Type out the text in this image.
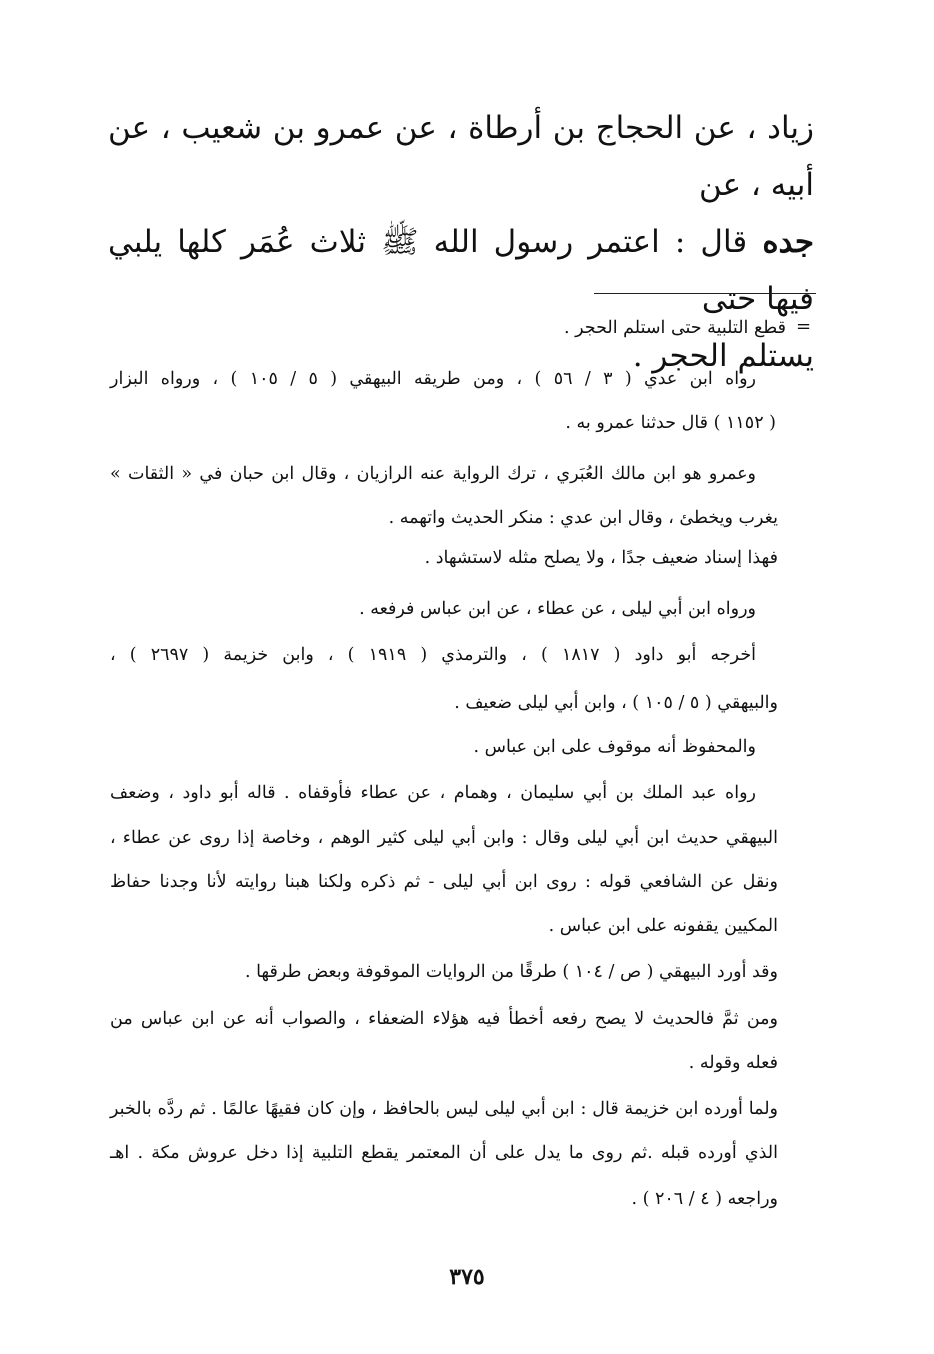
زياد ، عن الحجاج بن أرطاة ، عن عمرو بن شعيب ، عن أبيه ، عن
جده قال : اعتمر رسول الله ﷺ ثلاث عُمَر كلها يلبي فيها حتى
يستلم الحجر .
=
قطع التلبية حتى استلم الحجر .
رواه ابن عدي ( ٣ / ٥٦ ) ، ومن طريقه البيهقي ( ٥ / ١٠٥ ) ، ورواه البزار
( ١١٥٢ ) قال حدثنا عمرو به .
وعمرو هو ابن مالك العُبَري ، ترك الرواية عنه الرازيان ، وقال ابن حبان في « الثقات »
يغرب ويخطئ ، وقال ابن عدي : منكر الحديث واتهمه .
فهذا إسناد ضعيف جدًا ، ولا يصلح مثله لاستشهاد .
ورواه ابن أبي ليلى ، عن عطاء ، عن ابن عباس فرفعه .
أخرجه أبو داود ( ١٨١٧ ) ، والترمذي ( ١٩١٩ ) ، وابن خزيمة ( ٢٦٩٧ ) ،
والبيهقي ( ٥ / ١٠٥ ) ، وابن أبي ليلى ضعيف .
والمحفوظ أنه موقوف على ابن عباس .
رواه عبد الملك بن أبي سليمان ، وهمام ، عن عطاء فأوقفاه . قاله أبو داود ، وضعف
البيهقي حديث ابن أبي ليلى وقال : وابن أبي ليلى كثير الوهم ، وخاصة إذا روى عن عطاء ،
ونقل عن الشافعي قوله : روى ابن أبي ليلى - ثم ذكره ولكنا هبنا روايته لأنا وجدنا حفاظ
المكيين يقفونه على ابن عباس .
وقد أورد البيهقي ( ص / ١٠٤ ) طرقًا من الروايات الموقوفة وبعض طرقها .
ومن ثمَّ فالحديث لا يصح رفعه أخطأ فيه هؤلاء الضعفاء ، والصواب أنه عن ابن عباس من
فعله وقوله .
ولما أورده ابن خزيمة قال : ابن أبي ليلى ليس بالحافظ ، وإن كان فقيهًا عالمًا . ثم ردَّه بالخبر
الذي أورده قبله .ثم روى ما يدل على أن المعتمر يقطع التلبية إذا دخل عروش مكة . اهـ
وراجعه ( ٤ / ٢٠٦ ) .
٣٧٥
